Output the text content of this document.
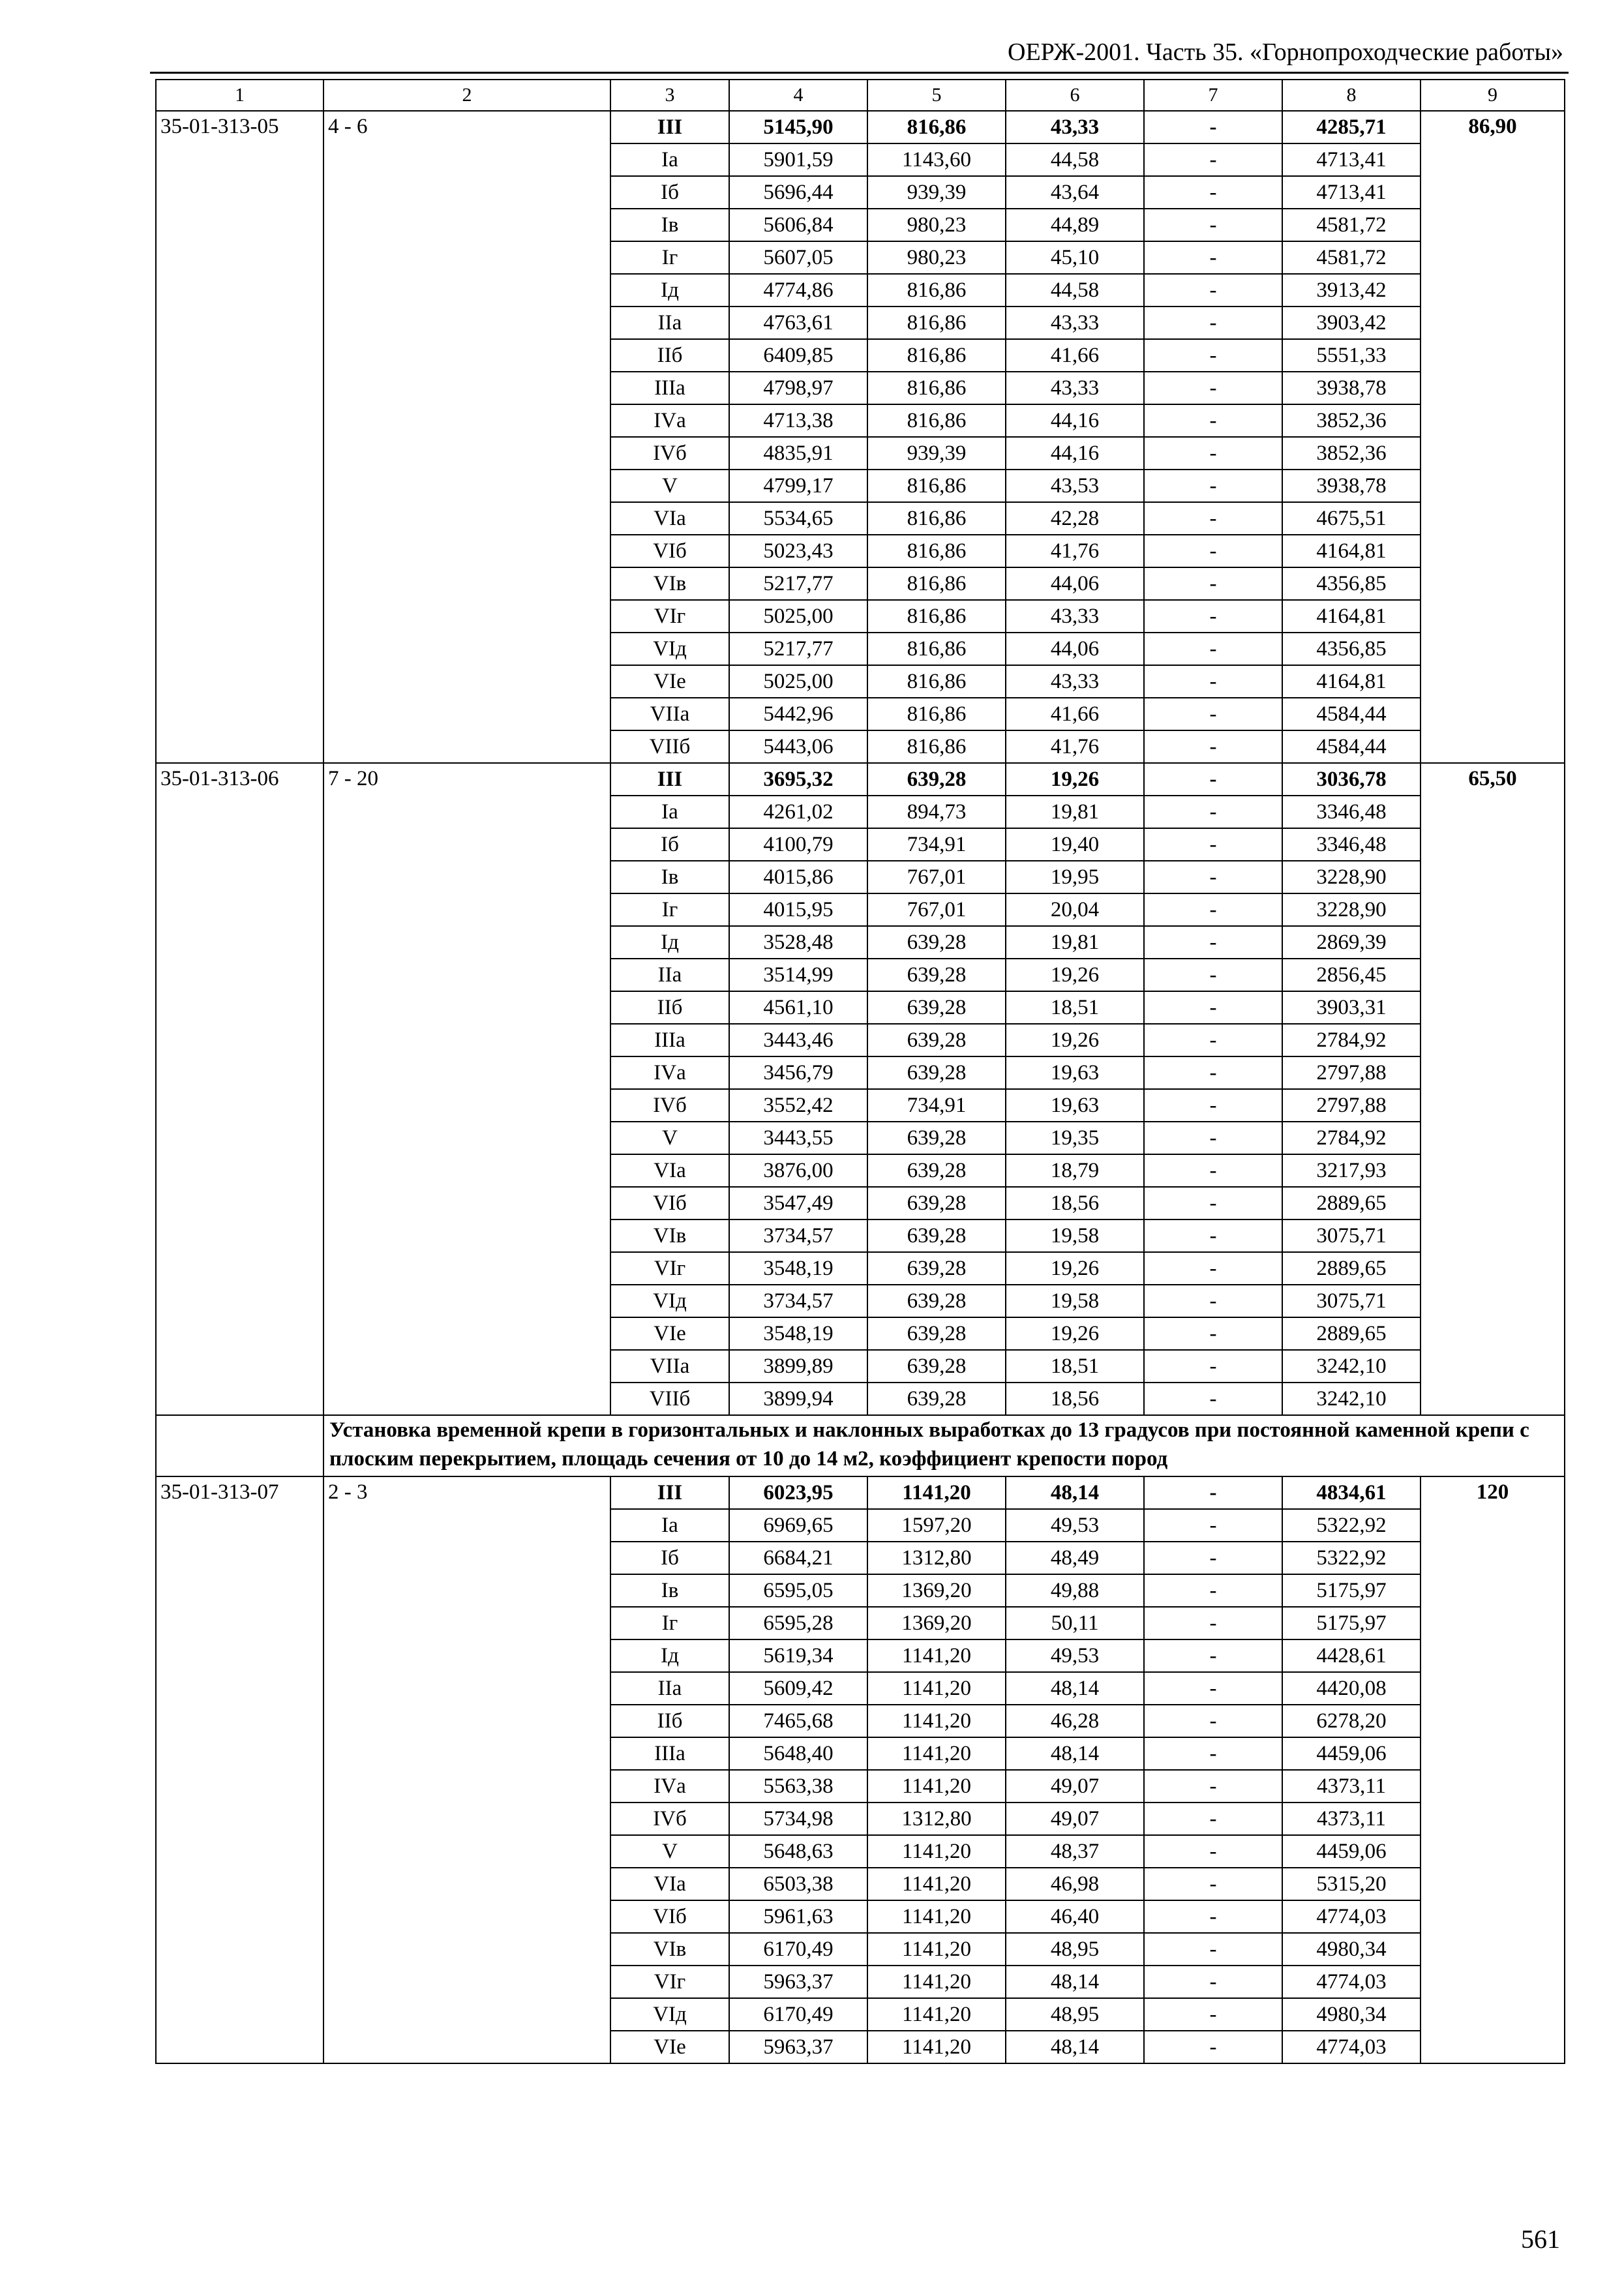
ОЕРЖ-2001. Часть 35. «Горнопроходческие работы»
1	2	3	4	5	6	7	8	9
35-01-313-05	4 - 6	III	5145,90	816,86	43,33	-	4285,71	86,90
		Iа	5901,59	1143,60	44,58	-	4713,41	
		Iб	5696,44	939,39	43,64	-	4713,41	
		Iв	5606,84	980,23	44,89	-	4581,72	
		Iг	5607,05	980,23	45,10	-	4581,72	
		Iд	4774,86	816,86	44,58	-	3913,42	
		IIа	4763,61	816,86	43,33	-	3903,42	
		IIб	6409,85	816,86	41,66	-	5551,33	
		IIIа	4798,97	816,86	43,33	-	3938,78	
		IVа	4713,38	816,86	44,16	-	3852,36	
		IVб	4835,91	939,39	44,16	-	3852,36	
		V	4799,17	816,86	43,53	-	3938,78	
		VIа	5534,65	816,86	42,28	-	4675,51	
		VIб	5023,43	816,86	41,76	-	4164,81	
		VIв	5217,77	816,86	44,06	-	4356,85	
		VIг	5025,00	816,86	43,33	-	4164,81	
		VIд	5217,77	816,86	44,06	-	4356,85	
		VIе	5025,00	816,86	43,33	-	4164,81	
		VIIа	5442,96	816,86	41,66	-	4584,44	
		VIIб	5443,06	816,86	41,76	-	4584,44	
35-01-313-06	7 - 20	III	3695,32	639,28	19,26	-	3036,78	65,50
		Iа	4261,02	894,73	19,81	-	3346,48	
		Iб	4100,79	734,91	19,40	-	3346,48	
		Iв	4015,86	767,01	19,95	-	3228,90	
		Iг	4015,95	767,01	20,04	-	3228,90	
		Iд	3528,48	639,28	19,81	-	2869,39	
		IIа	3514,99	639,28	19,26	-	2856,45	
		IIб	4561,10	639,28	18,51	-	3903,31	
		IIIа	3443,46	639,28	19,26	-	2784,92	
		IVа	3456,79	639,28	19,63	-	2797,88	
		IVб	3552,42	734,91	19,63	-	2797,88	
		V	3443,55	639,28	19,35	-	2784,92	
		VIа	3876,00	639,28	18,79	-	3217,93	
		VIб	3547,49	639,28	18,56	-	2889,65	
		VIв	3734,57	639,28	19,58	-	3075,71	
		VIг	3548,19	639,28	19,26	-	2889,65	
		VIд	3734,57	639,28	19,58	-	3075,71	
		VIе	3548,19	639,28	19,26	-	2889,65	
		VIIа	3899,89	639,28	18,51	-	3242,10	
		VIIб	3899,94	639,28	18,56	-	3242,10	
	Установка временной крепи в горизонтальных и наклонных выработках до 13 градусов при постоянной каменной крепи с плоским перекрытием, площадь сечения от 10 до 14 м2, коэффициент крепости пород							
35-01-313-07	2 - 3	III	6023,95	1141,20	48,14	-	4834,61	120
		Iа	6969,65	1597,20	49,53	-	5322,92	
		Iб	6684,21	1312,80	48,49	-	5322,92	
		Iв	6595,05	1369,20	49,88	-	5175,97	
		Iг	6595,28	1369,20	50,11	-	5175,97	
		Iд	5619,34	1141,20	49,53	-	4428,61	
		IIа	5609,42	1141,20	48,14	-	4420,08	
		IIб	7465,68	1141,20	46,28	-	6278,20	
		IIIа	5648,40	1141,20	48,14	-	4459,06	
		IVа	5563,38	1141,20	49,07	-	4373,11	
		IVб	5734,98	1312,80	49,07	-	4373,11	
		V	5648,63	1141,20	48,37	-	4459,06	
		VIа	6503,38	1141,20	46,98	-	5315,20	
		VIб	5961,63	1141,20	46,40	-	4774,03	
		VIв	6170,49	1141,20	48,95	-	4980,34	
		VIг	5963,37	1141,20	48,14	-	4774,03	
		VIд	6170,49	1141,20	48,95	-	4980,34	
		VIе	5963,37	1141,20	48,14	-	4774,03	
561
